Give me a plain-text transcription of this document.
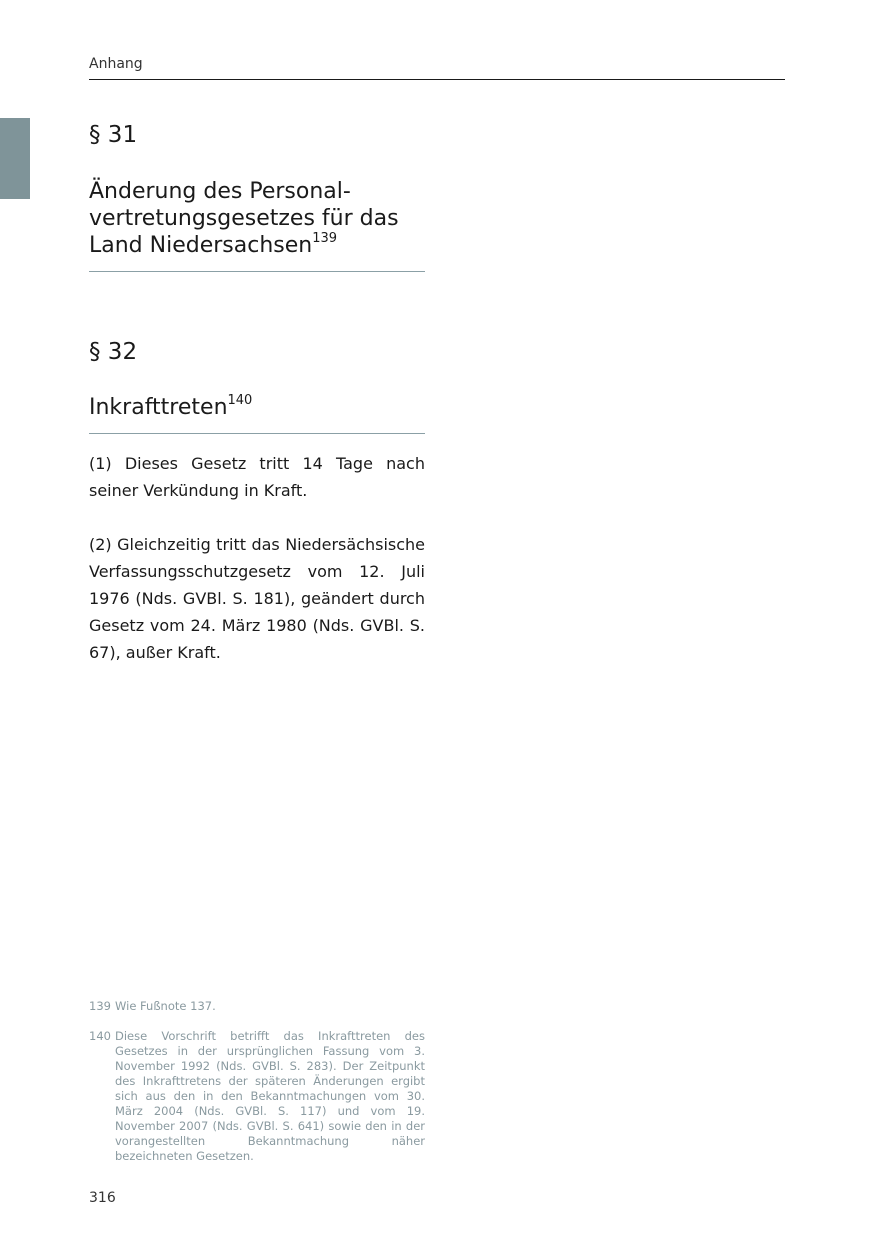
Anhang
§ 31
Änderung des Personal-
vertretungsgesetzes für das
Land Niedersachsen$^{139}$
§ 32
Inkrafttreten$^{140}$

(1) Dieses Gesetz tritt 14 Tage nach seiner Verkündung in Kraft.

(2) Gleichzeitig tritt das Niedersächsische Verfassungsschutzgesetz vom 12. Juli 1976 (Nds. GVBl. S. 181), geändert durch Gesetz vom 24. März 1980 (Nds. GVBl. S. 67), außer Kraft.

139 Wie Fußnote 137.
140 Diese Vorschrift betrifft das Inkrafttreten des Gesetzes in der ursprünglichen Fassung vom 3. November 1992 (Nds. GVBl. S. 283). Der Zeitpunkt des Inkrafttretens der späteren Änderungen ergibt sich aus den in den Bekanntmachungen vom 30. März 2004 (Nds. GVBl. S. 117) und vom 19. November 2007 (Nds. GVBl. S. 641) sowie den in der vorangestellten Bekanntmachung näher bezeichneten Gesetzen.
316
